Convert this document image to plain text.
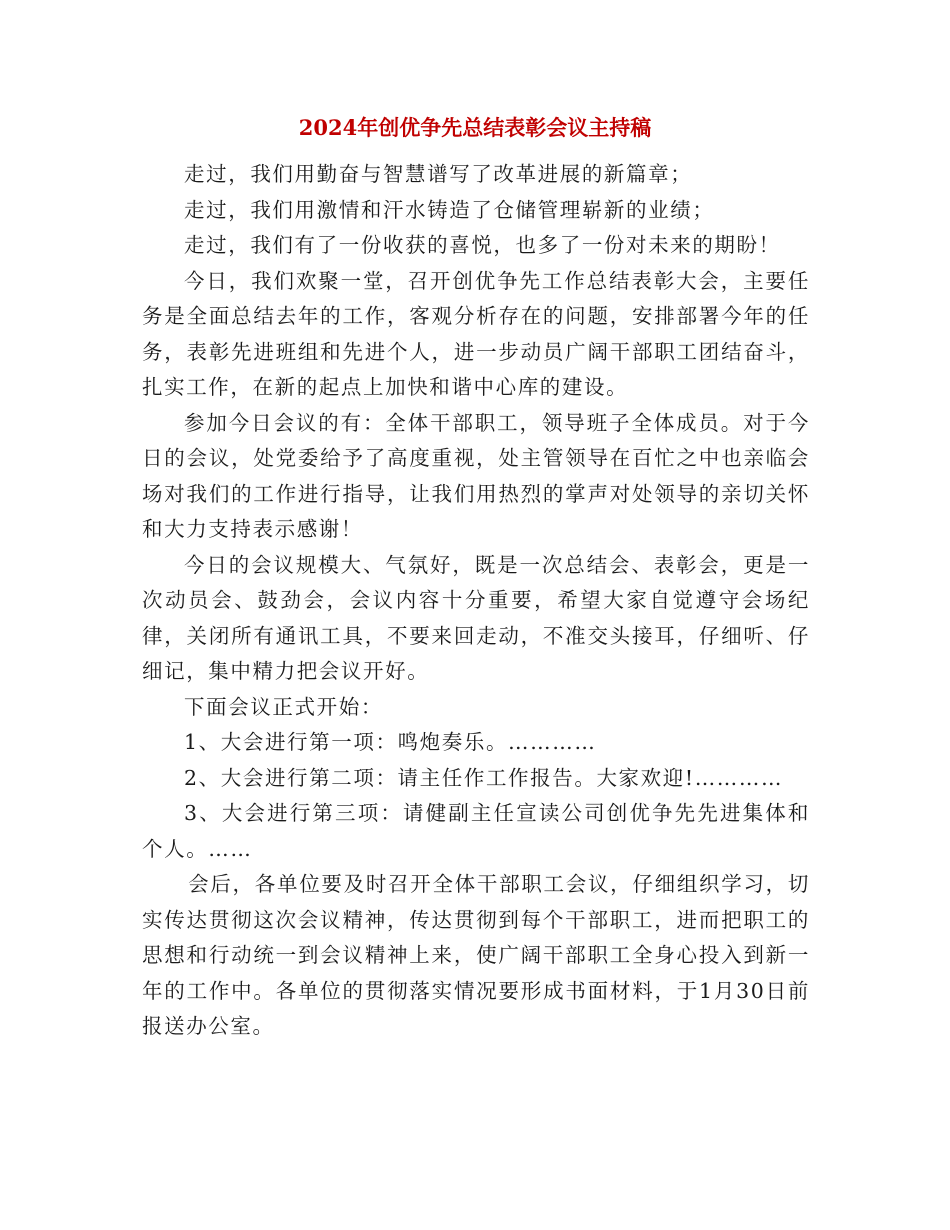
2024年创优争先总结表彰会议主持稿

走过，我们用勤奋与智慧谱写了改革进展的新篇章；

走过，我们用激情和汗水铸造了仓储管理崭新的业绩；

走过，我们有了一份收获的喜悦，也多了一份对未来的期盼！

今日，我们欢聚一堂，召开创优争先工作总结表彰大会，主要任务是全面总结去年的工作，客观分析存在的问题，安排部署今年的任务，表彰先进班组和先进个人，进一步动员广阔干部职工团结奋斗，扎实工作，在新的起点上加快和谐中心库的建设。

参加今日会议的有：全体干部职工，领导班子全体成员。对于今日的会议，处党委给予了高度重视，处主管领导在百忙之中也亲临会场对我们的工作进行指导，让我们用热烈的掌声对处领导的亲切关怀和大力支持表示感谢！

今日的会议规模大、气氛好，既是一次总结会、表彰会，更是一次动员会、鼓劲会，会议内容十分重要，希望大家自觉遵守会场纪律，关闭所有通讯工具，不要来回走动，不准交头接耳，仔细听、仔细记，集中精力把会议开好。

下面会议正式开始：

1、大会进行第一项：鸣炮奏乐。…………

2、大会进行第二项：请主任作工作报告。大家欢迎!…………

3、大会进行第三项：请健副主任宣读公司创优争先先进集体和个人。……

会后，各单位要及时召开全体干部职工会议，仔细组织学习，切实传达贯彻这次会议精神，传达贯彻到每个干部职工，进而把职工的思想和行动统一到会议精神上来，使广阔干部职工全身心投入到新一年的工作中。各单位的贯彻落实情况要形成书面材料，于1月30日前报送办公室。
